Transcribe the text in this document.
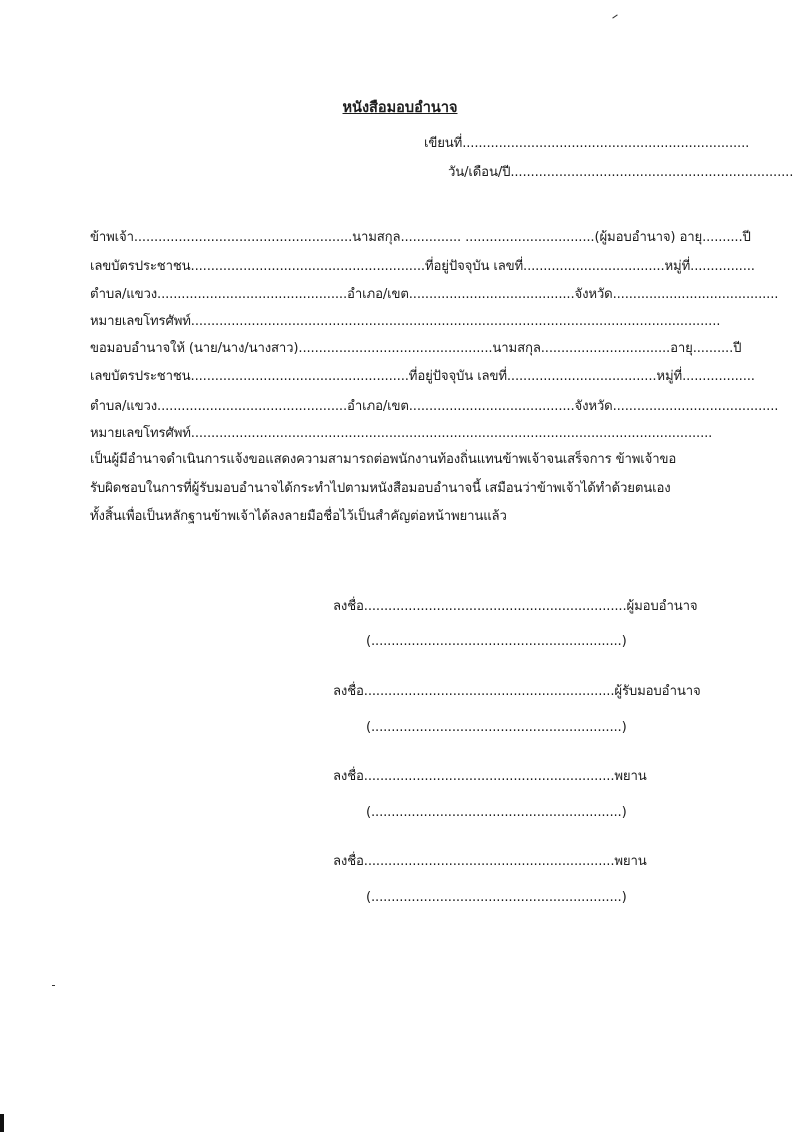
หนังสือมอบอำนาจ
เขียนที่.......................................................................
วัน/เดือน/ปี......................................................................
ข้าพเจ้า......................................................นามสกุล............... ................................(ผู้มอบอำนาจ) อายุ..........ปี
เลขบัตรประชาชน..........................................................ที่อยู่ปัจจุบัน เลขที่...................................หมู่ที่................
ตำบล/แขวง...............................................อำเภอ/เขต.........................................จังหวัด.........................................
หมายเลขโทรศัพท์...................................................................................................................................
ขอมอบอำนาจให้ (นาย/นาง/นางสาว)................................................นามสกุล................................อายุ..........ปี
เลขบัตรประชาชน......................................................ที่อยู่ปัจจุบัน เลขที่.....................................หมู่ที่..................
ตำบล/แขวง...............................................อำเภอ/เขต.........................................จังหวัด.........................................
หมายเลขโทรศัพท์.................................................................................................................................
เป็นผู้มีอำนาจดำเนินการแจ้งขอแสดงความสามารถต่อพนักงานท้องถิ่นแทนข้าพเจ้าจนเสร็จการ ข้าพเจ้าขอ
รับผิดชอบในการที่ผู้รับมอบอำนาจได้กระทำไปตามหนังสือมอบอำนาจนี้ เสมือนว่าข้าพเจ้าได้ทำด้วยตนเอง
ทั้งสิ้นเพื่อเป็นหลักฐานข้าพเจ้าได้ลงลายมือชื่อไว้เป็นสำคัญต่อหน้าพยานแล้ว
ลงชื่อ.................................................................ผู้มอบอำนาจ
(..............................................................)
ลงชื่อ..............................................................ผู้รับมอบอำนาจ
(..............................................................)
ลงชื่อ..............................................................พยาน
(..............................................................)
ลงชื่อ..............................................................พยาน
(..............................................................)
